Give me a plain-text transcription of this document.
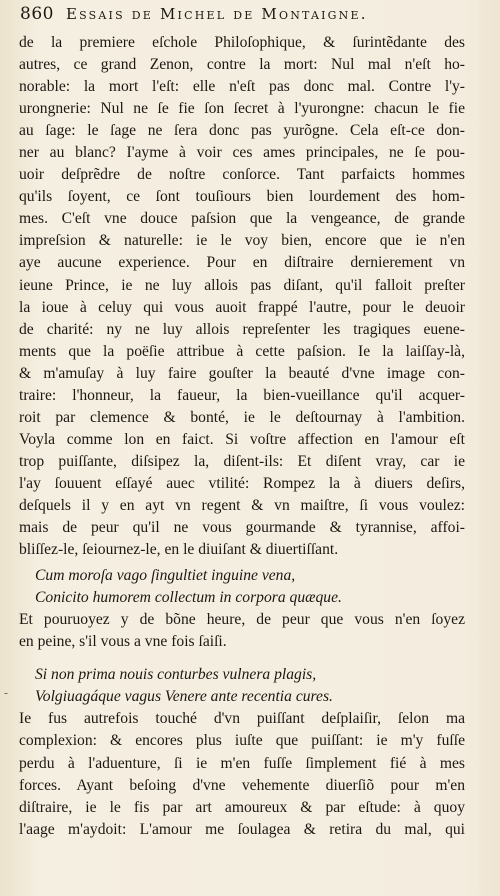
860 Essais de Michel de Montaigne.
-
de la premiere eſchole Philoſophique, & ſurintẽdante des
autres, ce grand Zenon, contre la mort: Nul mal n'eſt ho-
norable: la mort l'eſt: elle n'eſt pas donc mal. Contre l'y-
urongnerie: Nul ne ſe fie ſon ſecret à l'yurongne: chacun le fie
au ſage: le ſage ne ſera donc pas yurõgne. Cela eſt-ce don-
ner au blanc? I'ayme à voir ces ames principales, ne ſe pou-
uoir deſprẽdre de noſtre conſorce. Tant parfaicts hommes
qu'ils ſoyent, ce ſont touſiours bien lourdement des hom-
mes. C'eſt vne douce paſsion que la vengeance, de grande
impreſsion & naturelle: ie le voy bien, encore que ie n'en
aye aucune experience. Pour en diſtraire dernierement vn
ieune Prince, ie ne luy allois pas diſant, qu'il falloit preſter
la ioue à celuy qui vous auoit frappé l'autre, pour le deuoir
de charité: ny ne luy allois repreſenter les tragiques euene-
ments que la poëſie attribue à cette paſsion. Ie la laiſſay-là,
& m'amuſay à luy faire gouſter la beauté d'vne image con-
traire: l'honneur, la faueur, la bien-vueillance qu'il acquer-
roit par clemence & bonté, ie le deſtournay à l'ambition.
Voyla comme lon en faict. Si voſtre affection en l'amour eſt
trop puiſſante, diſsipez la, diſent-ils: Et diſent vray, car ie
l'ay ſouuent eſſayé auec vtilité: Rompez la à diuers deſirs,
deſquels il y en ayt vn regent & vn maiſtre, ſi vous voulez:
mais de peur qu'il ne vous gourmande & tyrannise, affoi-
bliſſez-le, ſeiournez-le, en le diuiſant & diuertiſſant.
Cum moroſa vago ſingultiet inguine vena,
Conicito humorem collectum in corpora quæque.
Et pouruoyez y de bõne heure, de peur que vous n'en ſoyez
en peine, s'il vous a vne fois ſaiſi.
Si non prima nouis conturbes vulnera plagis,
Volgiuagáque vagus Venere ante recentia cures.
Ie fus autrefois touché d'vn puiſſant deſplaiſir, ſelon ma
complexion: & encores plus iuſte que puiſſant: ie m'y fuſſe
perdu à l'aduenture, ſi ie m'en fuſſe ſimplement fié à mes
forces. Ayant beſoing d'vne vehemente diuerſiõ pour m'en
diſtraire, ie le fis par art amoureux & par eſtude: à quoy
l'aage m'aydoit: L'amour me ſoulagea & retira du mal, qui
